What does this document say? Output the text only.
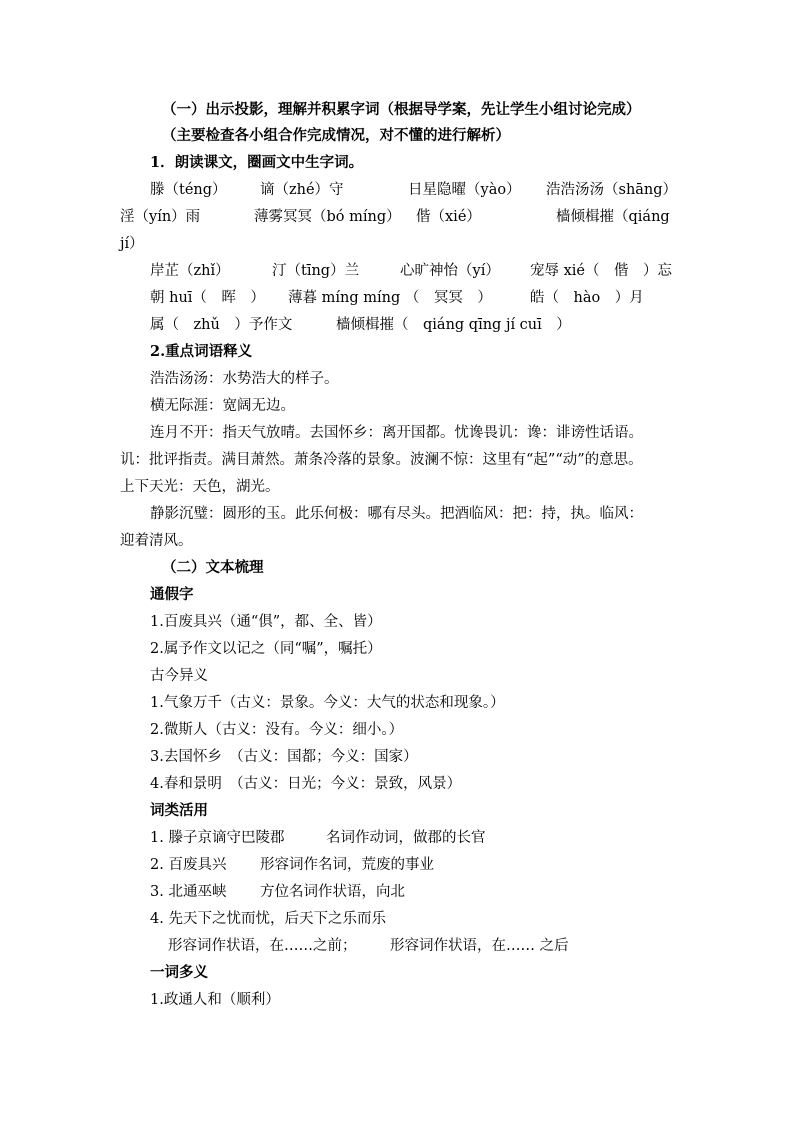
（一）出示投影，理解并积累字词（根据导学案，先让学生小组讨论完成）
（主要检查各小组合作完成情况，对不懂的进行解析）
1．朗读课文，圈画文中生字词。
滕（téng） 谪（zhé）守	日星隐曜（yào） 浩浩汤汤（shāng）
淫（yín）雨	薄雾冥冥（bó míng） 偕（xié）	樯倾楫摧（qiáng
jí）
岸芷（zhǐ）	汀（tīng）兰	心旷神怡（yí） 宠辱 xié（　偕　）忘
朝 huī（　晖　） 薄暮 míng míng （　冥冥　）	皓（　hào　）月
属（　zhǔ　）予作文	樯倾楫摧（　qiáng qīng jí cuī　）
2.重点词语释义
浩浩汤汤：水势浩大的样子。
横无际涯：宽阔无边。
连月不开：指天气放晴。去国怀乡：离开国都。忧谗畏讥：谗：诽谤性话语。
讥：批评指责。满目萧然。萧条冷落的景象。波澜不惊：这里有“起”“动”的意思。
上下天光：天色，湖光。
静影沉璧：圆形的玉。此乐何极：哪有尽头。把酒临风：把：持，执。临风：
迎着清风。
（二）文本梳理
通假字
1.百废具兴（通“俱”，都、全、皆）
2.属予作文以记之（同“嘱”，嘱托）
古今异义
1.气象万千（古义：景象。今义：大气的状态和现象。）
2.微斯人（古义：没有。今义：细小。）
3.去国怀乡　（古义：国都；今义：国家）
4.春和景明　（古义：日光；今义：景致，风景）
词类活用
1. 滕子京谪守巴陵郡	名词作动词，做郡的长官
2. 百废具兴 形容词作名词，荒废的事业
3. 北通巫峡 方位名词作状语，向北
4. 先天下之忧而忧，后天下之乐而乐
形容词作状语，在……之前； 形容词作状语，在…… 之后
一词多义
1.政通人和（顺利）
